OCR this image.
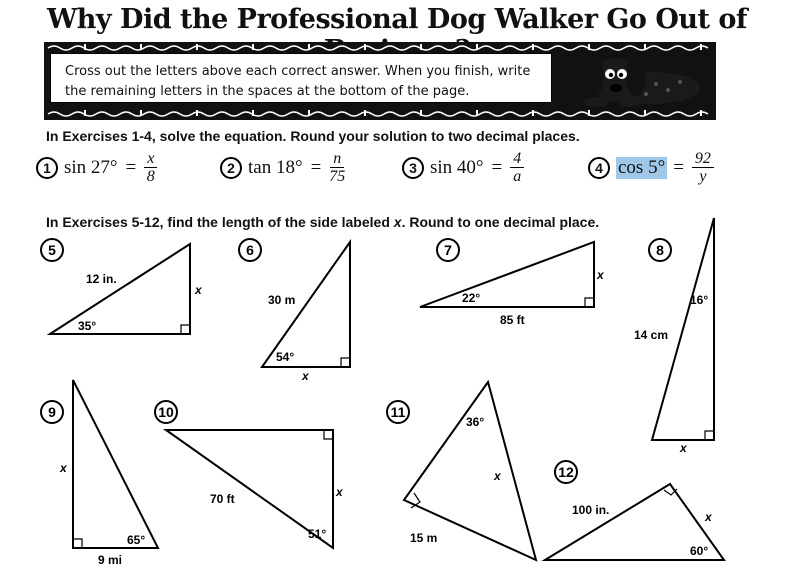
Why Did the Professional Dog Walker Go Out of
Cross out the letters above each correct answer. When you finish, write
the remaining letters in the spaces at the bottom of the page.
In Exercises 1-4, solve the equation. Round your solution to two decimal places.
1 $\sin 27^\circ = \frac{x}{8}$	2 $\tan 18^\circ = \frac{n}{75}$	3 $\sin 40^\circ = \frac{4}{a}$	4 $\cos 5^\circ = \frac{92}{y}$
In Exercises 5-12, find the length of the side labeled x. Round to one decimal place.
5	6	7	8
9	10	11
12
12 in.
x
35°
30 m
54°
x
x
22°
85 ft
16°
14 cm
x
x
65°
9 mi
70 ft	x
51°
36°
x
15 m
100 in.	x
60°
